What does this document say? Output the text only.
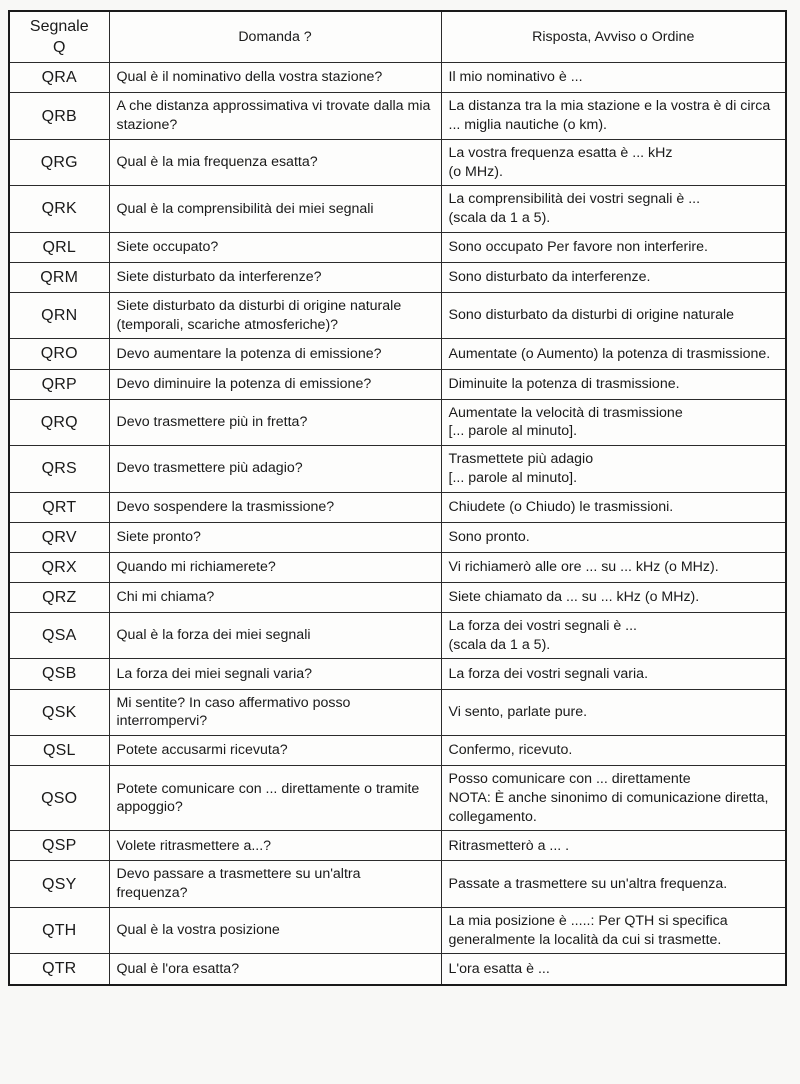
Segnale
Q	Domanda ?	Risposta, Avviso o Ordine
QRA	Qual è il nominativo della vostra stazione?	Il mio nominativo è ...
QRB	A che distanza approssimativa vi trovate dalla mia stazione?	La distanza tra la mia stazione e la vostra è di circa ... miglia nautiche (o km).
QRG	Qual è la mia frequenza esatta?	La vostra frequenza esatta è ... kHz
(o MHz).
QRK	Qual è la comprensibilità dei miei segnali	La comprensibilità dei vostri segnali è ...
(scala da 1 a 5).
QRL	Siete occupato?	Sono occupato Per favore non interferire.
QRM	Siete disturbato da interferenze?	Sono disturbato da interferenze.
QRN	Siete disturbato da disturbi di origine naturale (temporali, scariche atmosferiche)?	Sono disturbato da disturbi di origine naturale
QRO	Devo aumentare la potenza di emissione?	Aumentate (o Aumento) la potenza di trasmissione.
QRP	Devo diminuire la potenza di emissione?	Diminuite la potenza di trasmissione.
QRQ	Devo trasmettere più in fretta?	Aumentate la velocità di trasmissione
[... parole al minuto].
QRS	Devo trasmettere più adagio?	Trasmettete più adagio
[... parole al minuto].
QRT	Devo sospendere la trasmissione?	Chiudete (o Chiudo) le trasmissioni.
QRV	Siete pronto?	Sono pronto.
QRX	Quando mi richiamerete?	Vi richiamerò alle ore ... su ... kHz (o MHz).
QRZ	Chi mi chiama?	Siete chiamato da ... su ... kHz (o MHz).
QSA	Qual è la forza dei miei segnali	La forza dei vostri segnali è ...
(scala da 1 a 5).
QSB	La forza dei miei segnali varia?	La forza dei vostri segnali varia.
QSK	Mi sentite? In caso affermativo posso interrompervi?	Vi sento, parlate pure.
QSL	Potete accusarmi ricevuta?	Confermo, ricevuto.
QSO	Potete comunicare con ... direttamente o tramite appoggio?	Posso comunicare con ... direttamente
NOTA: È anche sinonimo di comunicazione diretta, collegamento.
QSP	Volete ritrasmettere a...?	Ritrasmetterò a ... .
QSY	Devo passare a trasmettere su un'altra frequenza?	Passate a trasmettere su un'altra frequenza.
QTH	Qual è la vostra posizione	La mia posizione è .....: Per QTH si specifica generalmente la località da cui si trasmette.
QTR	Qual è l'ora esatta?	L'ora esatta è ...
